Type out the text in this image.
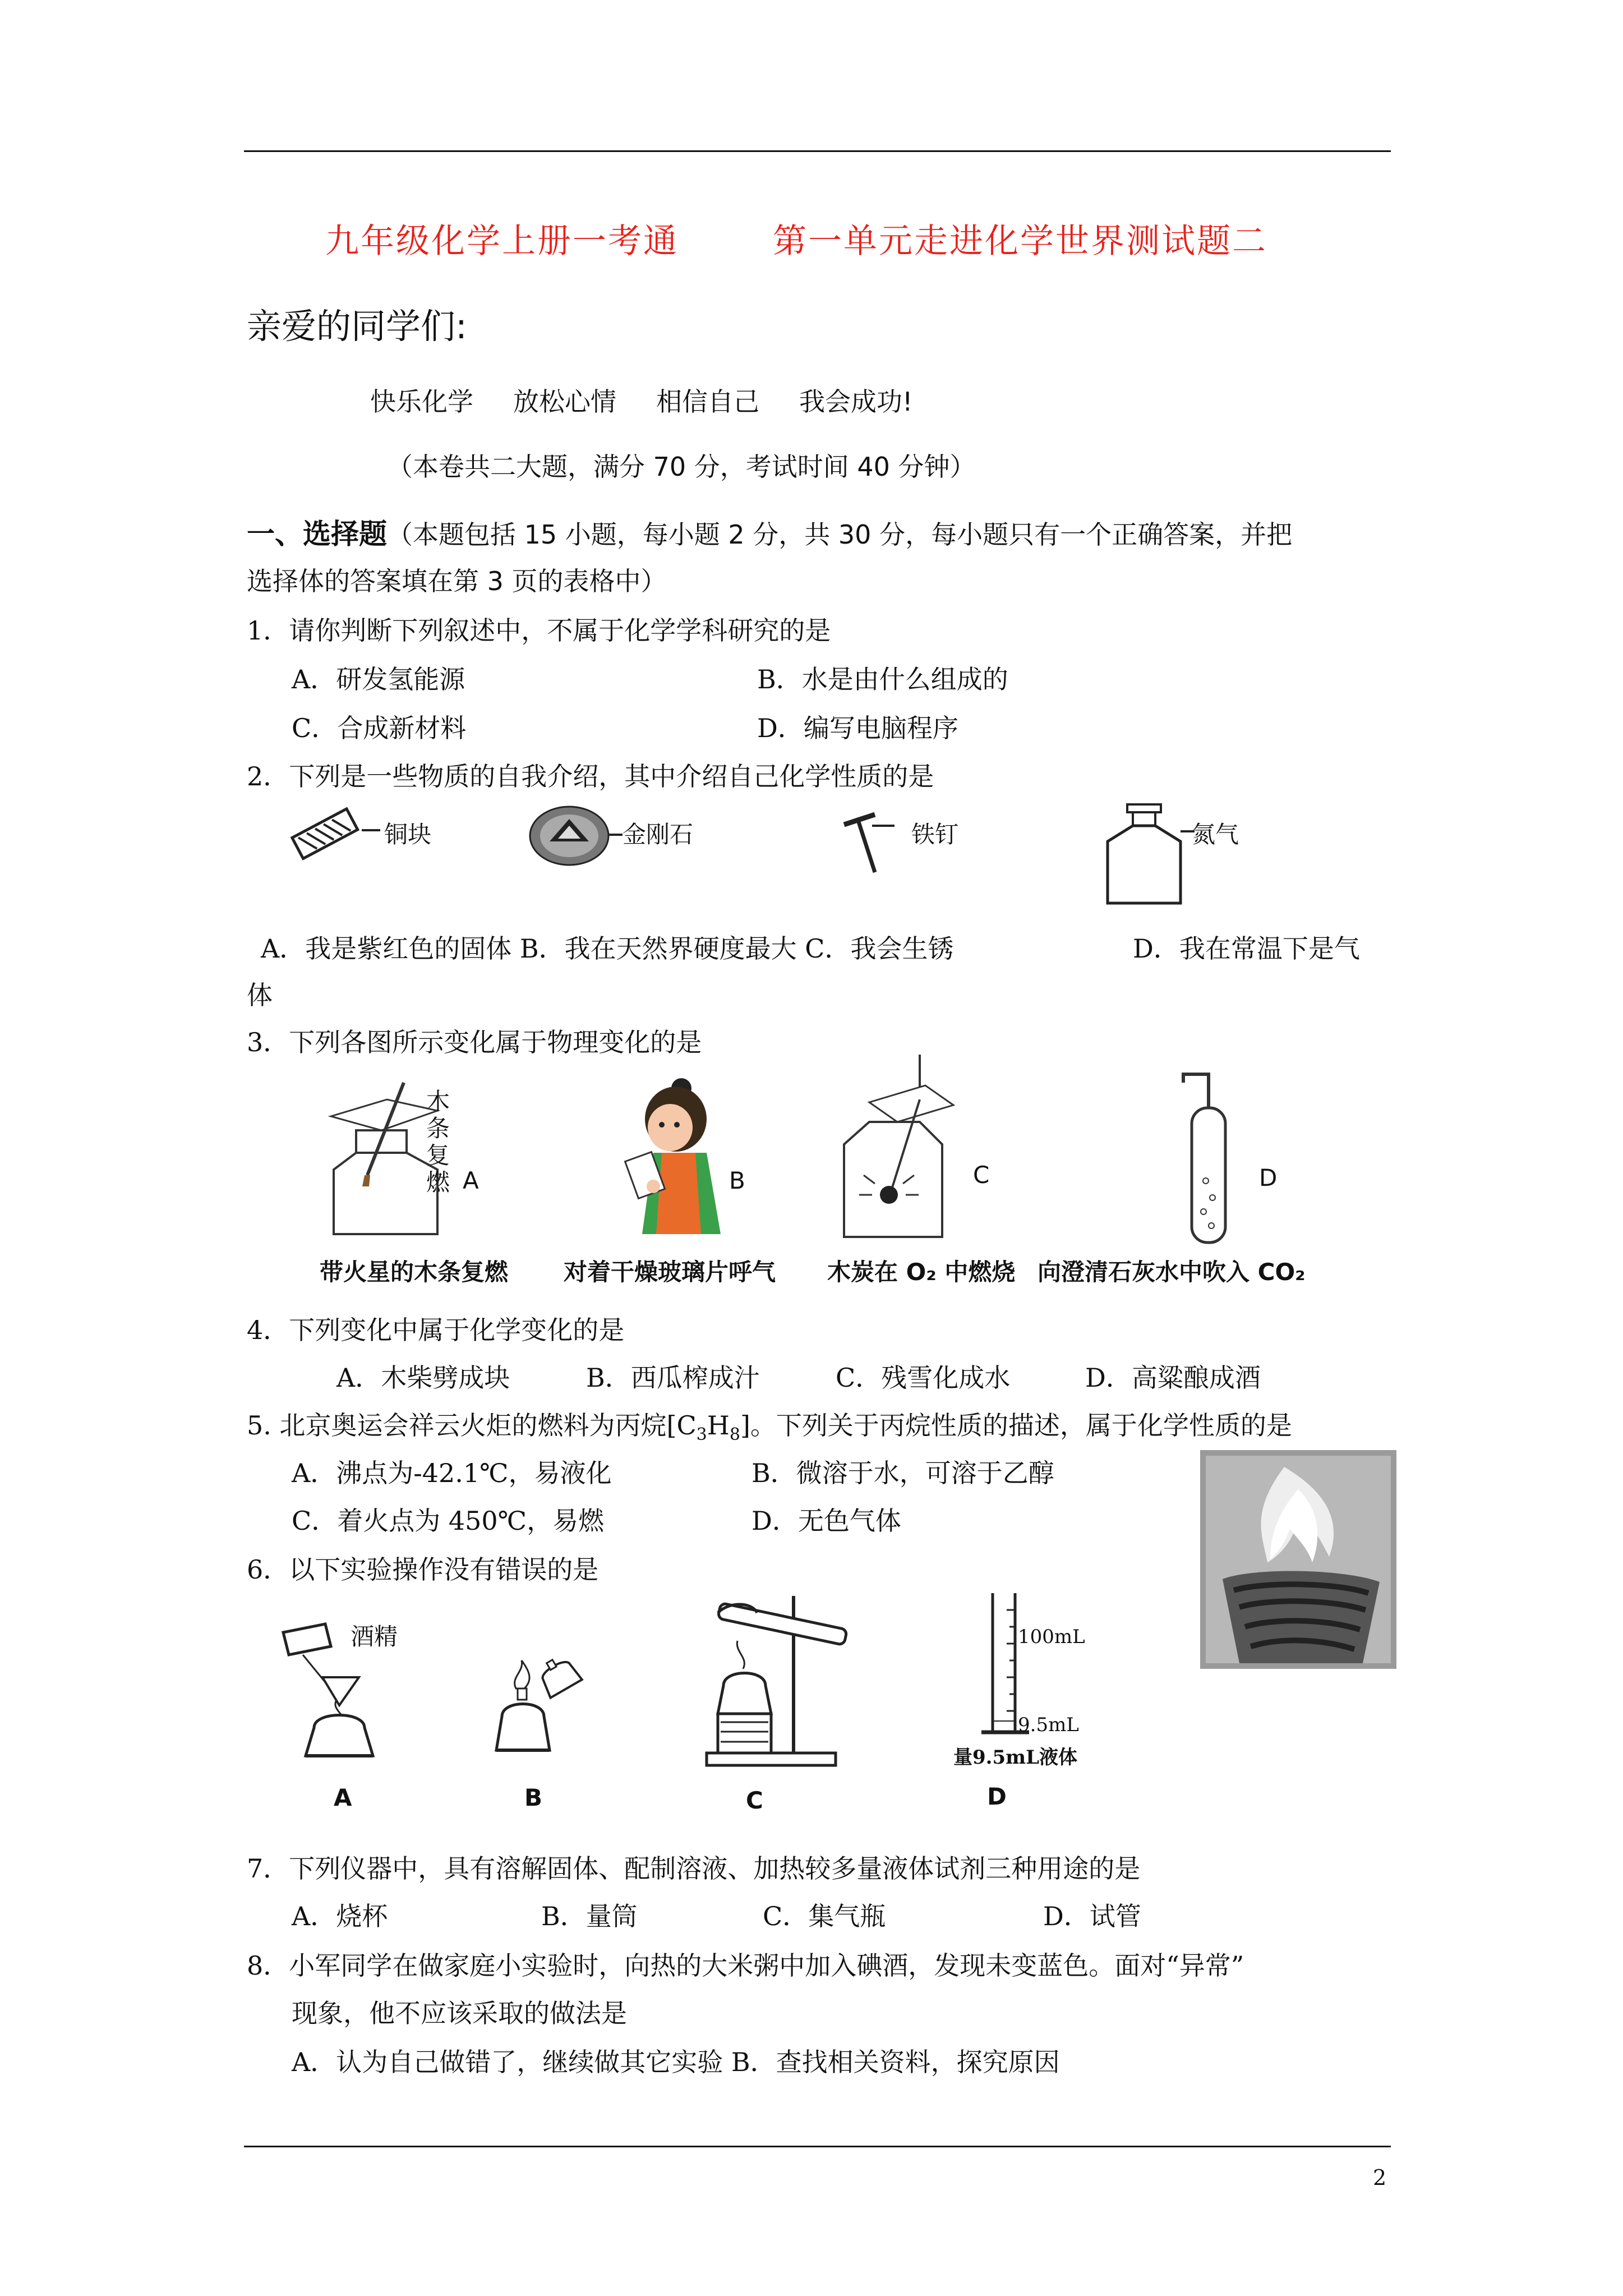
九年级化学上册一考通	第一单元走进化学世界测试题二
亲爱的同学们:
快乐化学 放松心情 相信自己 我会成功!
（本卷共二大题，满分 70 分，考试时间 40 分钟）
一、选择题（本题包括 15 小题，每小题 2 分，共 30 分，每小题只有一个正确答案，并把
选择体的答案填在第 3 页的表格中）
1．请你判断下列叙述中，不属于化学学科研究的是
A．研发氢能源	B．水是由什么组成的
C．合成新材料	D．编写电脑程序
2．下列是一些物质的自我介绍，其中介绍自己化学性质的是
铜块	金刚石	铁钉	氮气
A．我是紫红色的固体 B．我在天然界硬度最大 C．我会生锈	D．我在常温下是气
体
3．下列各图所示变化属于物理变化的是
木
条
复
燃 A	B	C	D
带火星的木条复燃 对着干燥玻璃片呼气 木炭在 O₂ 中燃烧 向澄清石灰水中吹入 CO₂
4．下列变化中属于化学变化的是
A．木柴劈成块	B．西瓜榨成汁	C．残雪化成水	D．高粱酿成酒
5. 北京奥运会祥云火炬的燃料为丙烷$[C_3H_8]$。下列关于丙烷性质的描述，属于化学性质的是
A．沸点为-42.1℃，易液化	B．微溶于水，可溶于乙醇
C．着火点为 450℃，易燃	D．无色气体
6．以下实验操作没有错误的是
酒精
A	B	C
100mL
9.5mL
量9.5mL液体
D
7．下列仪器中，具有溶解固体、配制溶液、加热较多量液体试剂三种用途的是
A．烧杯	B．量筒	C．集气瓶	D．试管
8．小军同学在做家庭小实验时，向热的大米粥中加入碘酒，发现未变蓝色。面对“异常”
现象，他不应该采取的做法是
A．认为自己做错了，继续做其它实验 B．查找相关资料，探究原因
2
